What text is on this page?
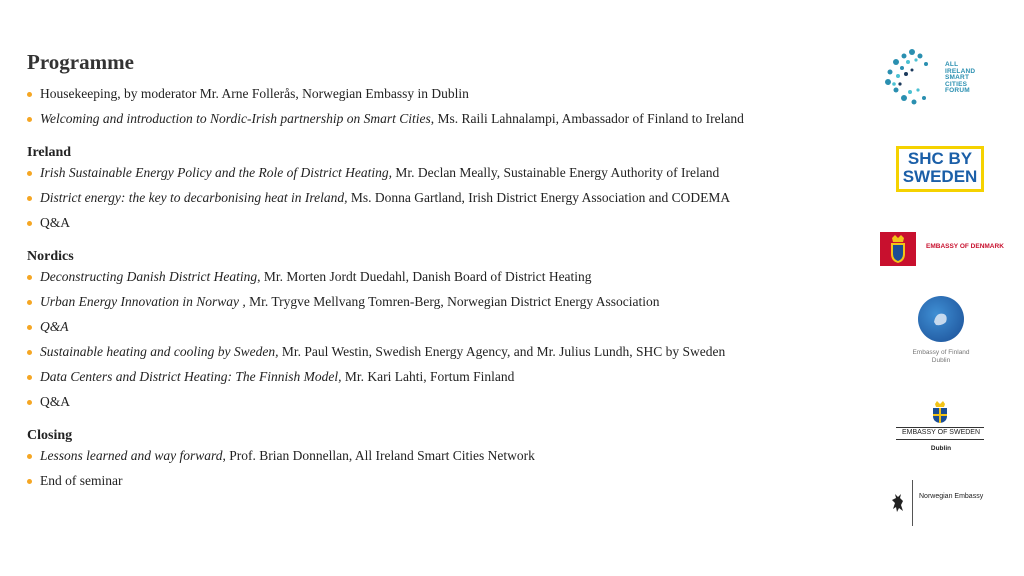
Programme
Housekeeping, by moderator Mr. Arne Follerås, Norwegian Embassy in Dublin
Welcoming and introduction to Nordic-Irish partnership on Smart Cities, Ms. Raili Lahnalampi, Ambassador of Finland to Ireland
Ireland
Irish Sustainable Energy Policy and the Role of District Heating, Mr. Declan Meally, Sustainable Energy Authority of Ireland
District energy: the key to decarbonising heat in Ireland, Ms. Donna Gartland, Irish District Energy Association and CODEMA
Q&A
Nordics
Deconstructing Danish District Heating, Mr. Morten Jordt Duedahl, Danish Board of District Heating
Urban Energy Innovation in Norway , Mr. Trygve Mellvang Tomren-Berg, Norwegian District Energy Association
Q&A
Sustainable heating and cooling by Sweden, Mr. Paul Westin, Swedish Energy Agency, and Mr. Julius Lundh, SHC by Sweden
Data Centers and District Heating: The Finnish Model, Mr. Kari Lahti, Fortum Finland
Q&A
Closing
Lessons learned and way forward, Prof. Brian Donnellan, All Ireland Smart Cities Network
End of seminar
ALL
IRELAND
SMART
CITIES
FORUM
SHC BY
SWEDEN
EMBASSY OF DENMARK
Embassy of Finland
Dublin
EMBASSY OF SWEDEN
Dublin
Norwegian Embassy
